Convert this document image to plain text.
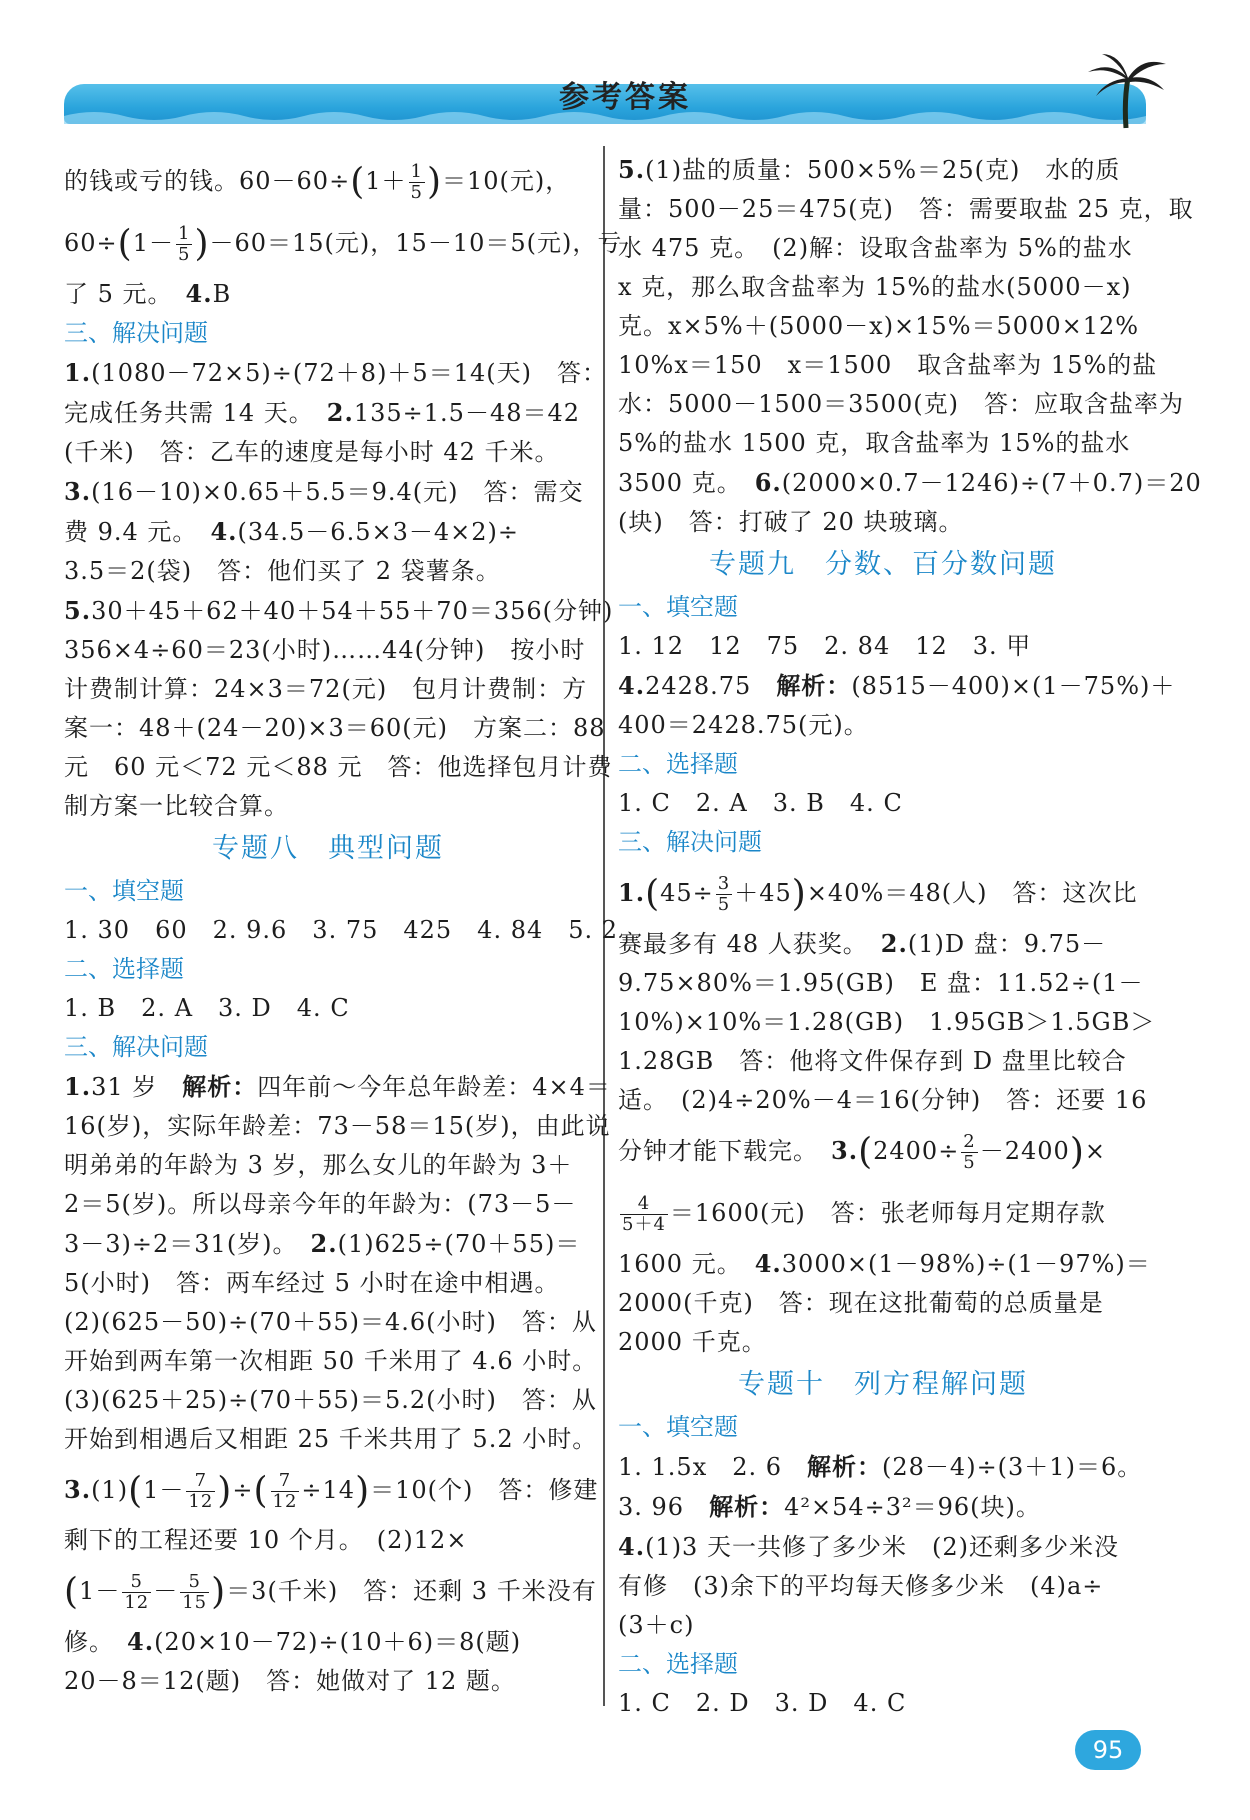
参考答案
的钱或亏的钱。$60-60\div(1+ \frac{1}{5} )=10$(元)，
$60\div(1- \frac{1}{5} )-60=15$(元)，15－10＝5(元)，亏
了 5 元。　 4.B
三、解决问题
1.(1080－72×5)÷(72＋8)＋5＝14(天)　答：
完成任务共需 14 天。　 2.135÷1.5－48＝42
(千米)　答：乙车的速度是每小时 42 千米。
3.(16－10)×0.65＋5.5＝9.4(元)　答：需交
费 9.4 元。　 4.(34.5－6.5×3－4×2)÷
3.5＝2(袋)　答：他们买了 2 袋薯条。
5.30＋45＋62＋40＋54＋55＋70＝356(分钟)
356×4÷60＝23(小时)……44(分钟)　按小时
计费制计算：24×3＝72(元)　包月计费制：方
案一：48＋(24－20)×3＝60(元)　方案二：88
元　60 元＜72 元＜88 元　答：他选择包月计费
制方案一比较合算。
专题八　典型问题
一、填空题
1. 30　60　2. 9.6　3. 75　425　4. 84　5. 2
二、选择题
1. B　2. A　3. D　4. C
三、解决问题
1.31 岁　解析：四年前～今年总年龄差：4×4＝
16(岁)，实际年龄差：73－58＝15(岁)，由此说
明弟弟的年龄为 3 岁，那么女儿的年龄为 3＋
2＝5(岁)。所以母亲今年的年龄为：(73－5－
3－3)÷2＝31(岁)。　 2.(1)625÷(70＋55)＝
5(小时)　答：两车经过 5 小时在途中相遇。
(2)(625－50)÷(70＋55)＝4.6(小时)　答：从
开始到两车第一次相距 50 千米用了 4.6 小时。
(3)(625＋25)÷(70＋55)＝5.2(小时)　答：从
开始到相遇后又相距 25 千米共用了 5.2 小时。
$3.(1)(1- \frac{7}{12}$ )÷( $\frac{7}{12} \div 14)=10$(个)　答：修建
剩下的工程还要 10 个月。　(2)12×
$(1- \frac{5}{12} - \frac{5}{15} )=3$(千米)　答：还剩 3 千米没有
修。　 4.(20×10－72)÷(10＋6)＝8(题)
20－8＝12(题)　答：她做对了 12 题。
5.(1)盐的质量：500×5%＝25(克)　水的质
量：500－25＝475(克)　答：需要取盐 25 克，取
水 475 克。　(2)解：设取含盐率为 5%的盐水
x 克，那么取含盐率为 15%的盐水(5000－x)
克。x×5%＋(5000－x)×15%＝5000×12%
10%x＝150　x＝1500　取含盐率为 15%的盐
水：5000－1500＝3500(克)　答：应取含盐率为
5%的盐水 1500 克，取含盐率为 15%的盐水
3500 克。　 6.(2000×0.7－1246)÷(7＋0.7)＝20
(块)　答：打破了 20 块玻璃。
专题九　分数、百分数问题
一、填空题
1. 12　12　75　2. 84　12　3. 甲
4.2428.75　解析：(8515－400)×(1－75%)＋
400＝2428.75(元)。
二、选择题
1. C　2. A　3. B　4. C
三、解决问题
$1.(45\div \frac{3}{5} +45)\times 40\%=48$(人)　答：这次比
赛最多有 48 人获奖。　 2.(1)D 盘：9.75－
9.75×80%＝1.95(GB)　E 盘：11.52÷(1－
10%)×10%＝1.28(GB)　1.95GB＞1.5GB＞
1.28GB　答：他将文件保存到 D 盘里比较合
适。　(2)4÷20%－4＝16(分钟)　答：还要 16
分钟才能下载完。　 $3.(2400\div \frac{2}{5} -2400)\times$
$\frac{4}{5+4} =1600$(元)　答：张老师每月定期存款
1600 元。　 4.3000×(1－98%)÷(1－97%)＝
2000(千克)　答：现在这批葡萄的总质量是
2000 千克。
专题十　列方程解问题
一、填空题
1. 1.5x　2. 6　解析：(28－4)÷(3＋1)＝6。
3. 96　解析：4²×54÷3²＝96(块)。
4.(1)3 天一共修了多少米　(2)还剩多少米没
有修　(3)余下的平均每天修多少米　(4)a÷
(3＋c)
二、选择题
1. C　2. D　3. D　4. C
95
